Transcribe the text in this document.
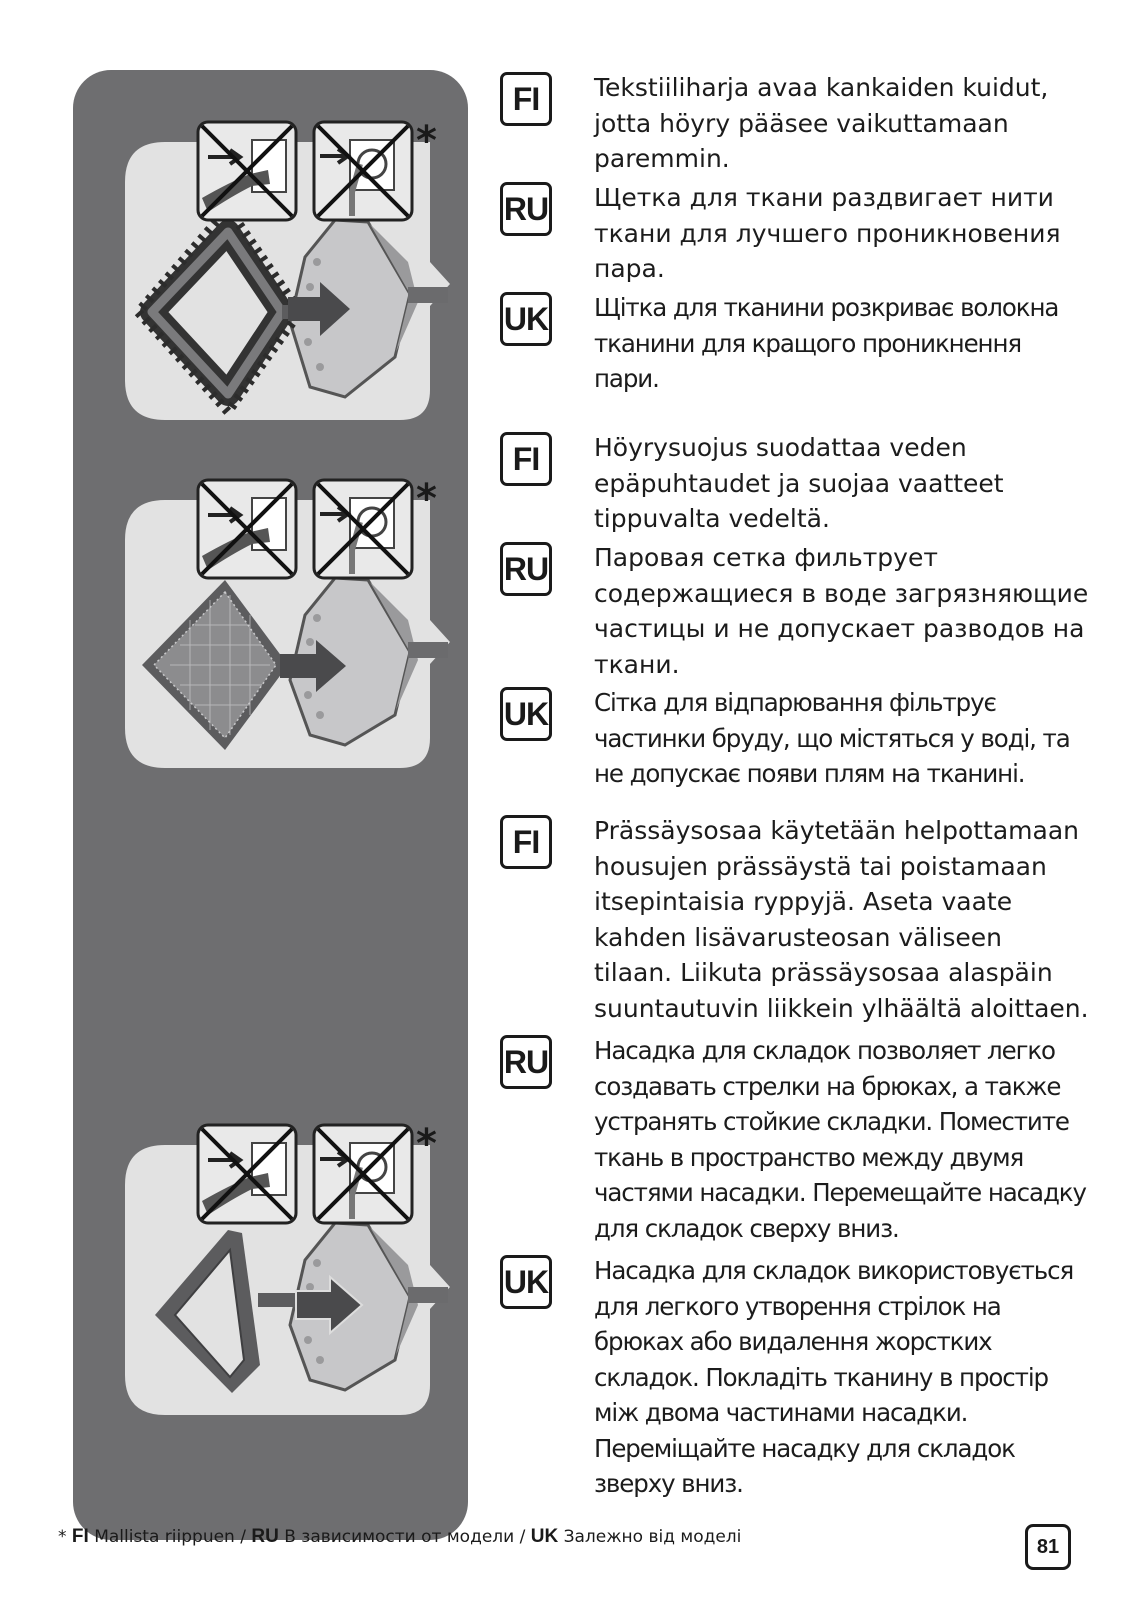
*
*
*
FI	Tekstiiliharja avaa kankaiden kuidut,
jotta höyry pääsee vaikuttamaan
paremmin.
RU Щетка для ткани раздвигает нити
ткани для лучшего проникновения
пара.
UK Щітка для тканини розкриває волокна
тканини для кращого проникнення
пари.
FI	Höyrysuojus suodattaa veden
epäpuhtaudet ja suojaa vaatteet
tippuvalta vedeltä.
RU Паровая сетка фильтрует
содержащиеся в воде загрязняющие
частицы и не допускает разводов на
ткани.
UK Сітка для відпарювання фільтрує
частинки бруду, що містяться у воді, та
не допускає появи плям на тканині.
FI	Prässäysosaa käytetään helpottamaan
housujen prässäystä tai poistamaan
itsepintaisia ryppyjä. Aseta vaate
kahden lisävarusteosan väliseen
tilaan. Liikuta prässäysosaa alaspäin
suuntautuvin liikkein ylhäältä aloittaen.
RU Насадка для складок позволяет легко
создавать стрелки на брюках, а также
устранять стойкие складки. Поместите
ткань в пространство между двумя
частями насадки. Перемещайте насадку
для складок сверху вниз.
UK Насадка для складок використовується
для легкого утворення стрілок на
брюках або видалення жорстких
складок. Покладіть тканину в простір
між двома частинами насадки.
Переміщайте насадку для складок
зверху вниз.
* FI Mallista riippuen / RU В зависимости от модели / UK Залежно від моделі	81
